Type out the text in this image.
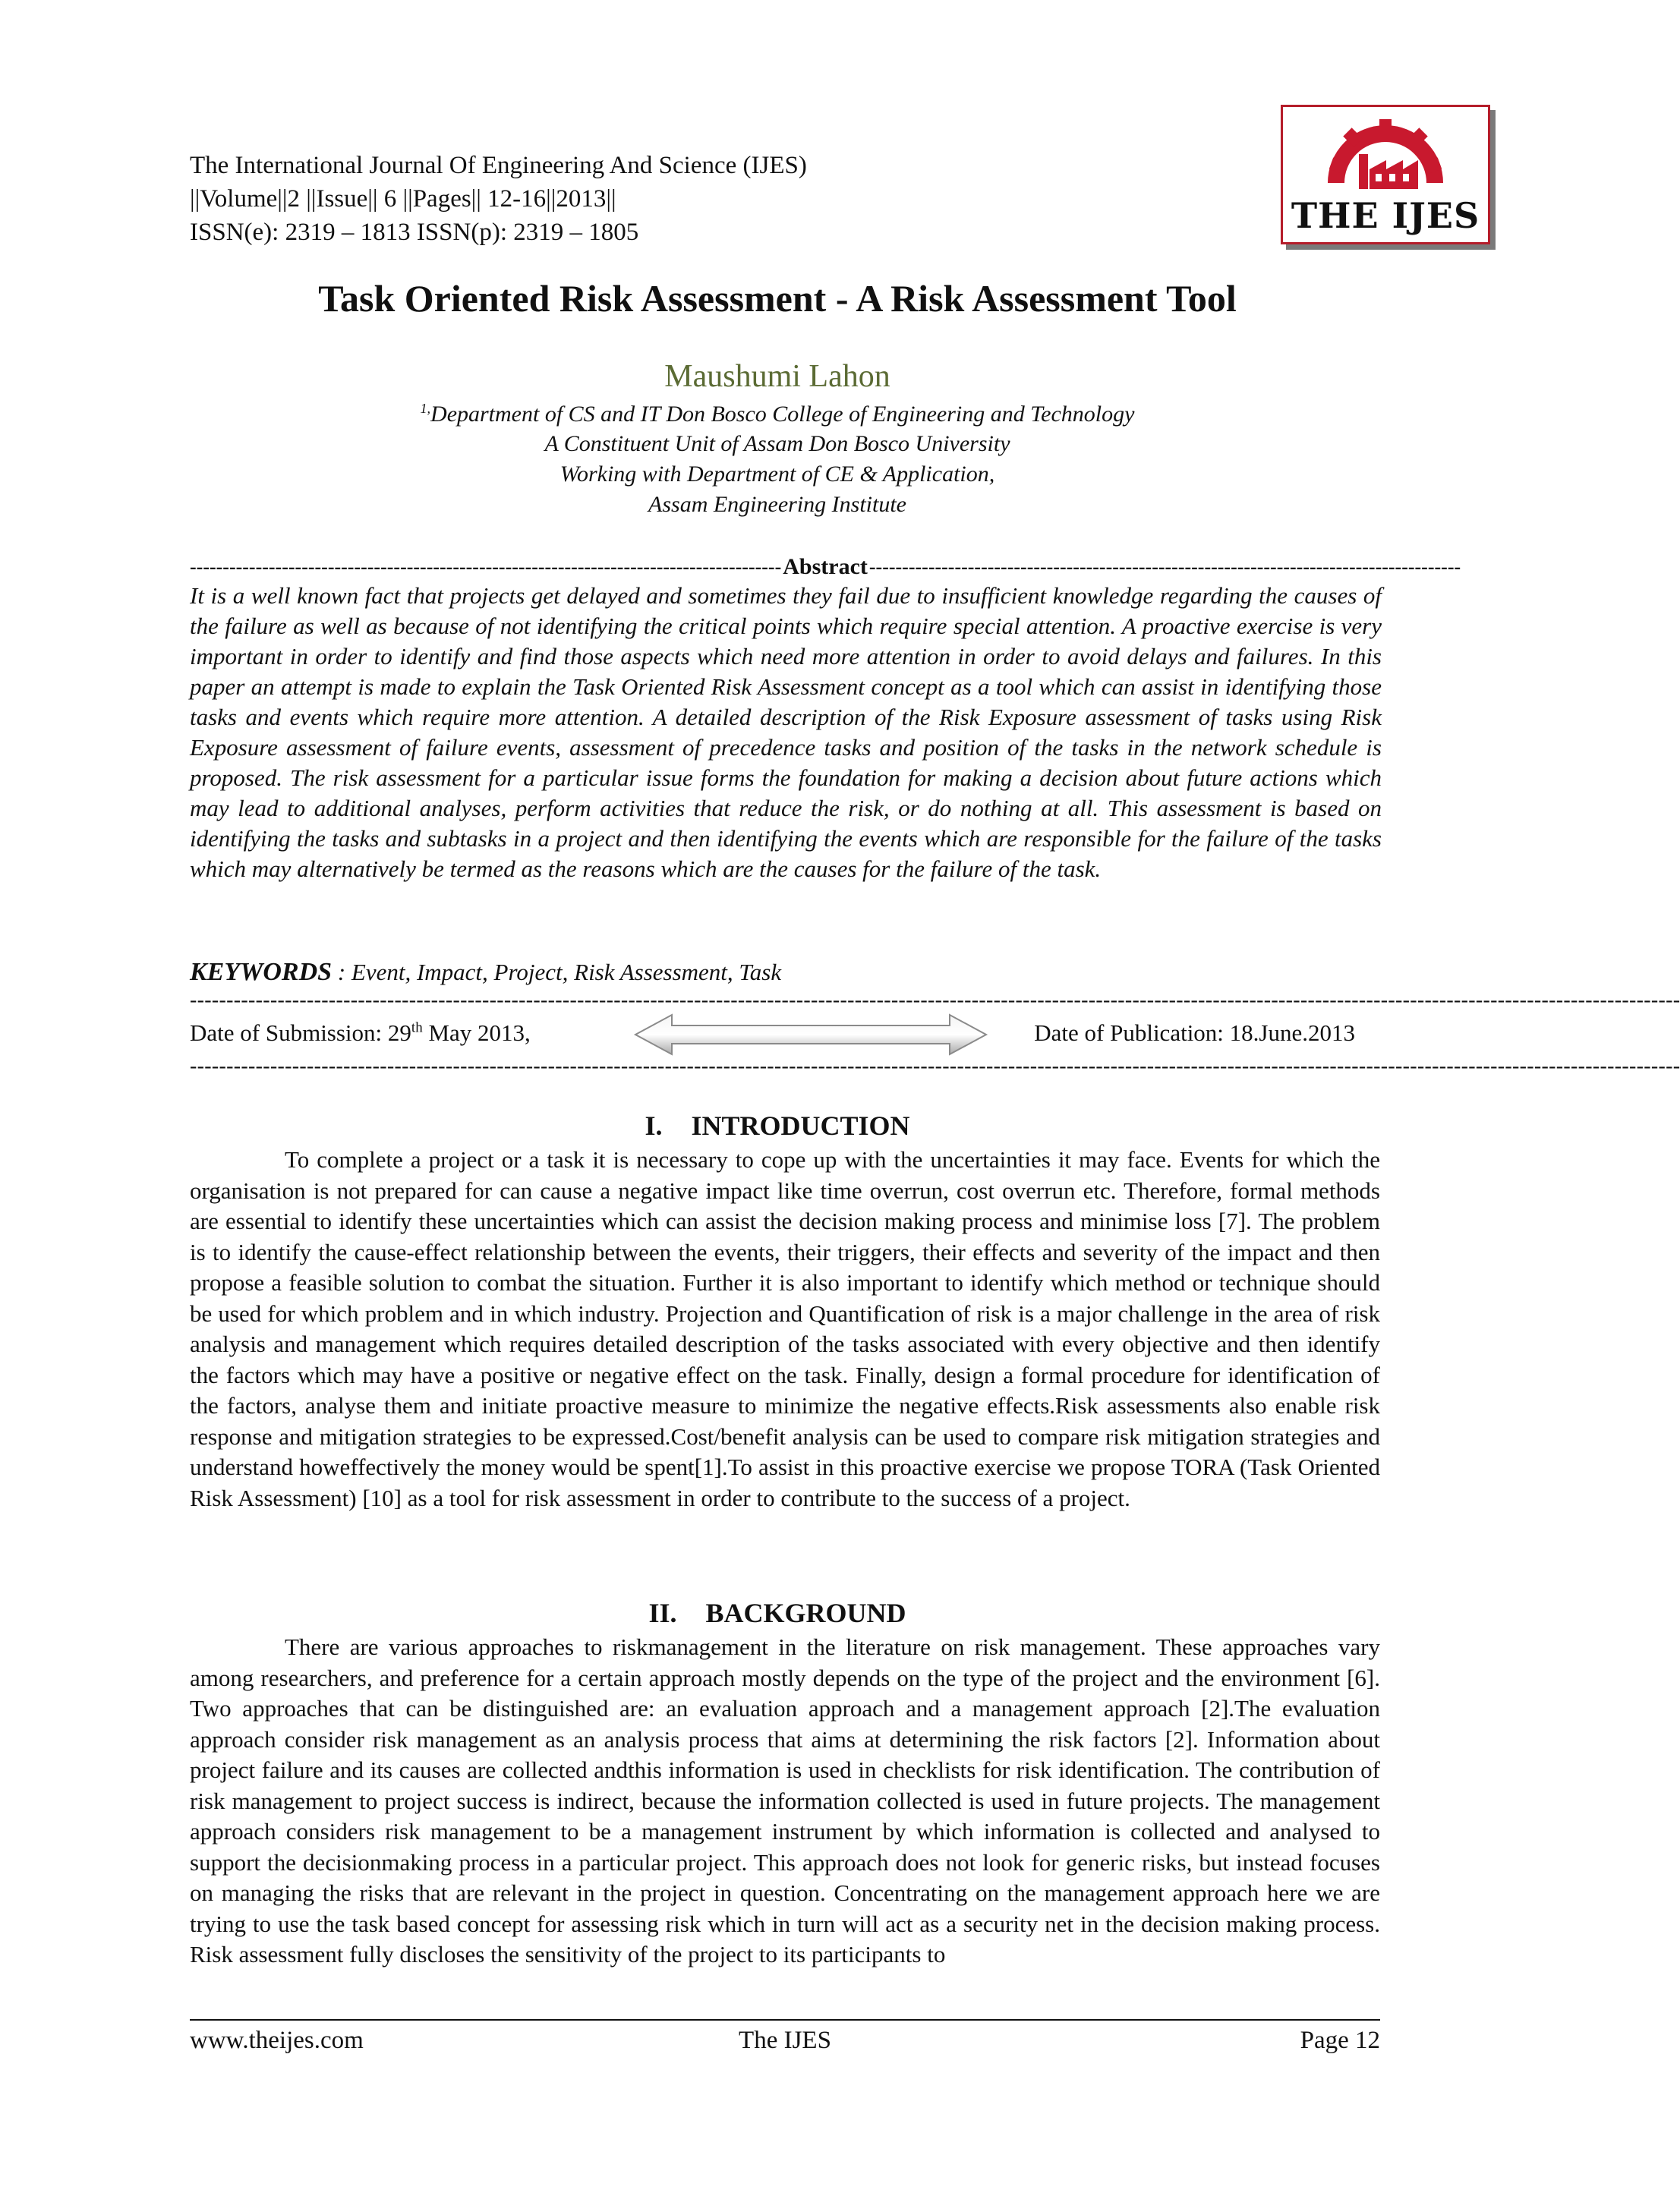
The International Journal Of Engineering And Science (IJES)
||Volume||2 ||Issue|| 6 ||Pages|| 12-16||2013||
ISSN(e): 2319 – 1813 ISSN(p): 2319 – 1805	THE IJES
Task Oriented Risk Assessment - A Risk Assessment Tool
Maushumi Lahon
$^{1,}$Department of CS and IT Don Bosco College of Engineering and Technology
A Constituent Unit of Assam Don Bosco University
Working with Department of CE & Application,
Assam Engineering Institute
------------------------------------------------------------------------------------------ Abstract ------------------------------------------------------------------------------------------
It is a well known fact that projects get delayed and sometimes they fail due to insufficient knowledge regarding the causes of the failure as well as because of not identifying the critical points which require special attention. A proactive exercise is very important in order to identify and find those aspects which need more attention in order to avoid delays and failures. In this paper an attempt is made to explain the Task Oriented Risk Assessment concept as a tool which can assist in identifying those tasks and events which require more attention. A detailed description of the Risk Exposure assessment of tasks using Risk Exposure assessment of failure events, assessment of precedence tasks and position of the tasks in the network schedule is proposed. The risk assessment for a particular issue forms the foundation for making a decision about future actions which may lead to additional analyses, perform activities that reduce the risk, or do nothing at all. This assessment is based on identifying the tasks and subtasks in a project and then identifying the events which are responsible for the failure of the tasks which may alternatively be termed as the reasons which are the causes for the failure of the task.
KEYWORDS : Event, Impact, Project, Risk Assessment, Task
------------------------------------------------------------------------------------------------------------------------------------------------------------------------------------------------------------
Date of Submission: 29th May 2013,	Date of Publication: 18.June.2013
------------------------------------------------------------------------------------------------------------------------------------------------------------------------------------------------------------
I. INTRODUCTION
To complete a project or a task it is necessary to cope up with the uncertainties it may face. Events for which the organisation is not prepared for can cause a negative impact like time overrun, cost overrun etc. Therefore, formal methods are essential to identify these uncertainties which can assist the decision making process and minimise loss [7]. The problem is to identify the cause-effect relationship between the events, their triggers, their effects and severity of the impact and then propose a feasible solution to combat the situation. Further it is also important to identify which method or technique should be used for which problem and in which industry. Projection and Quantification of risk is a major challenge in the area of risk analysis and management which requires detailed description of the tasks associated with every objective and then identify the factors which may have a positive or negative effect on the task. Finally, design a formal procedure for identification of the factors, analyse them and initiate proactive measure to minimize the negative effects.Risk assessments also enable risk response and mitigation strategies to be expressed.Cost/benefit analysis can be used to compare risk mitigation strategies and understand howeffectively the money would be spent[1].To assist in this proactive exercise we propose TORA (Task Oriented Risk Assessment) [10] as a tool for risk assessment in order to contribute to the success of a project.
II. BACKGROUND
There are various approaches to riskmanagement in the literature on risk management. These approaches vary among researchers, and preference for a certain approach mostly depends on the type of the project and the environment [6]. Two approaches that can be distinguished are: an evaluation approach and a management approach [2].The evaluation approach consider risk management as an analysis process that aims at determining the risk factors [2]. Information about project failure and its causes are collected andthis information is used in checklists for risk identification. The contribution of risk management to project success is indirect, because the information collected is used in future projects. The management approach considers risk management to be a management instrument by which information is collected and analysed to support the decisionmaking process in a particular project. This approach does not look for generic risks, but instead focuses on managing the risks that are relevant in the project in question. Concentrating on the management approach here we are trying to use the task based concept for assessing risk which in turn will act as a security net in the decision making process. Risk assessment fully discloses the sensitivity of the project to its participants to
www.theijes.com	The IJES	Page 12
